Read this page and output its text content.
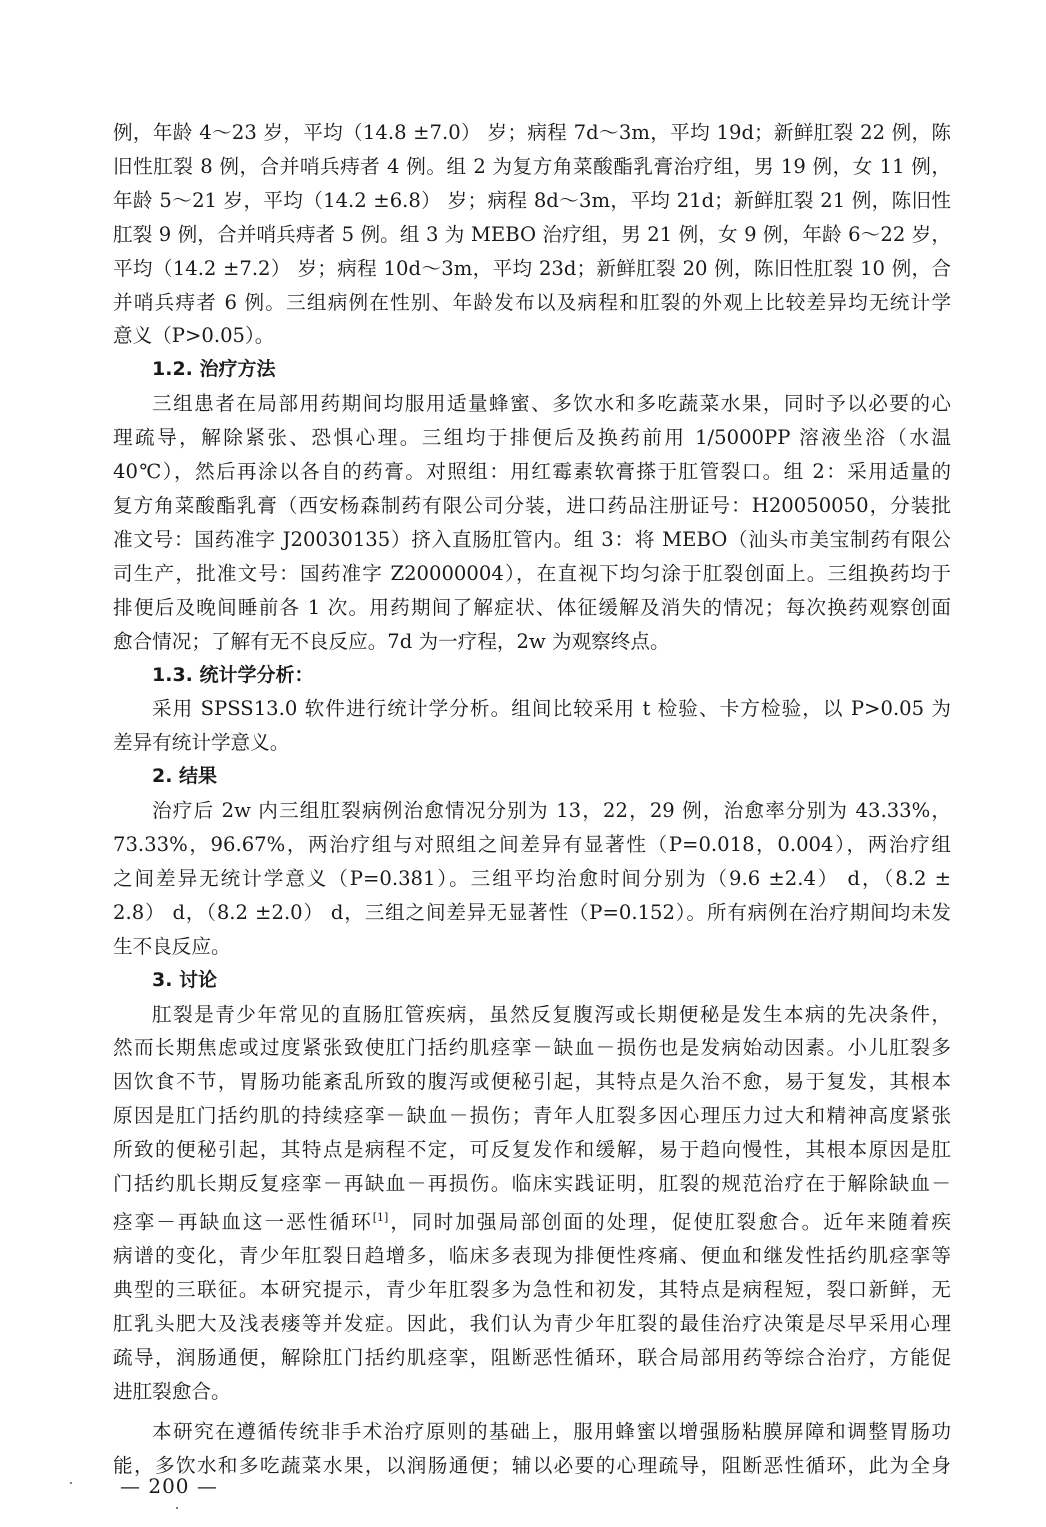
例，年龄 4～23 岁，平均（14.8 ±7.0） 岁；病程 7d～3m，平均 19d；新鲜肛裂 22 例，陈

旧性肛裂 8 例，合并哨兵痔者 4 例。组 2 为复方角菜酸酯乳膏治疗组，男 19 例，女 11 例，

年龄 5～21 岁，平均（14.2 ±6.8） 岁；病程 8d～3m，平均 21d；新鲜肛裂 21 例，陈旧性

肛裂 9 例，合并哨兵痔者 5 例。组 3 为 MEBO 治疗组，男 21 例，女 9 例，年龄 6～22 岁，

平均（14.2 ±7.2） 岁；病程 10d～3m，平均 23d；新鲜肛裂 20 例，陈旧性肛裂 10 例，合

并哨兵痔者 6 例。三组病例在性别、年龄发布以及病程和肛裂的外观上比较差异均无统计学

意义（P>0.05）。

1.2. 治疗方法

三组患者在局部用药期间均服用适量蜂蜜、多饮水和多吃蔬菜水果，同时予以必要的心

理疏导，解除紧张、恐惧心理。三组均于排便后及换药前用 1/5000PP 溶液坐浴（水温

40℃），然后再涂以各自的药膏。对照组：用红霉素软膏搽于肛管裂口。组 2：采用适量的

复方角菜酸酯乳膏（西安杨森制药有限公司分装，进口药品注册证号：H20050050，分装批

准文号：国药准字 J20030135）挤入直肠肛管内。组 3：将 MEBO（汕头市美宝制药有限公

司生产，批准文号：国药准字 Z20000004），在直视下均匀涂于肛裂创面上。三组换药均于

排便后及晚间睡前各 1 次。用药期间了解症状、体征缓解及消失的情况；每次换药观察创面

愈合情况；了解有无不良反应。7d 为一疗程，2w 为观察终点。

1.3. 统计学分析：

采用 SPSS13.0 软件进行统计学分析。组间比较采用 t 检验、卡方检验，以 P>0.05 为

差异有统计学意义。

2. 结果

治疗后 2w 内三组肛裂病例治愈情况分别为 13，22，29 例，治愈率分别为 43.33%，

73.33%，96.67%，两治疗组与对照组之间差异有显著性（P=0.018，0.004），两治疗组

之间差异无统计学意义（P=0.381）。三组平均治愈时间分别为（9.6 ±2.4） d，（8.2 ±

2.8） d，（8.2 ±2.0） d，三组之间差异无显著性（P=0.152）。所有病例在治疗期间均未发

生不良反应。

3. 讨论

肛裂是青少年常见的直肠肛管疾病，虽然反复腹泻或长期便秘是发生本病的先决条件，

然而长期焦虑或过度紧张致使肛门括约肌痉挛－缺血－损伤也是发病始动因素。小儿肛裂多

因饮食不节，胃肠功能紊乱所致的腹泻或便秘引起，其特点是久治不愈，易于复发，其根本

原因是肛门括约肌的持续痉挛－缺血－损伤；青年人肛裂多因心理压力过大和精神高度紧张

所致的便秘引起，其特点是病程不定，可反复发作和缓解，易于趋向慢性，其根本原因是肛

门括约肌长期反复痉挛－再缺血－再损伤。临床实践证明，肛裂的规范治疗在于解除缺血－

痉挛－再缺血这一恶性循环[1]，同时加强局部创面的处理，促使肛裂愈合。近年来随着疾

病谱的变化，青少年肛裂日趋增多，临床多表现为排便性疼痛、便血和继发性括约肌痉挛等

典型的三联征。本研究提示，青少年肛裂多为急性和初发，其特点是病程短，裂口新鲜，无

肛乳头肥大及浅表瘘等并发症。因此，我们认为青少年肛裂的最佳治疗决策是尽早采用心理

疏导，润肠通便，解除肛门括约肌痉挛，阻断恶性循环，联合局部用药等综合治疗，方能促

进肛裂愈合。

本研究在遵循传统非手术治疗原则的基础上，服用蜂蜜以增强肠粘膜屏障和调整胃肠功

能，多饮水和多吃蔬菜水果，以润肠通便；辅以必要的心理疏导，阻断恶性循环，此为全身

— 200 —
